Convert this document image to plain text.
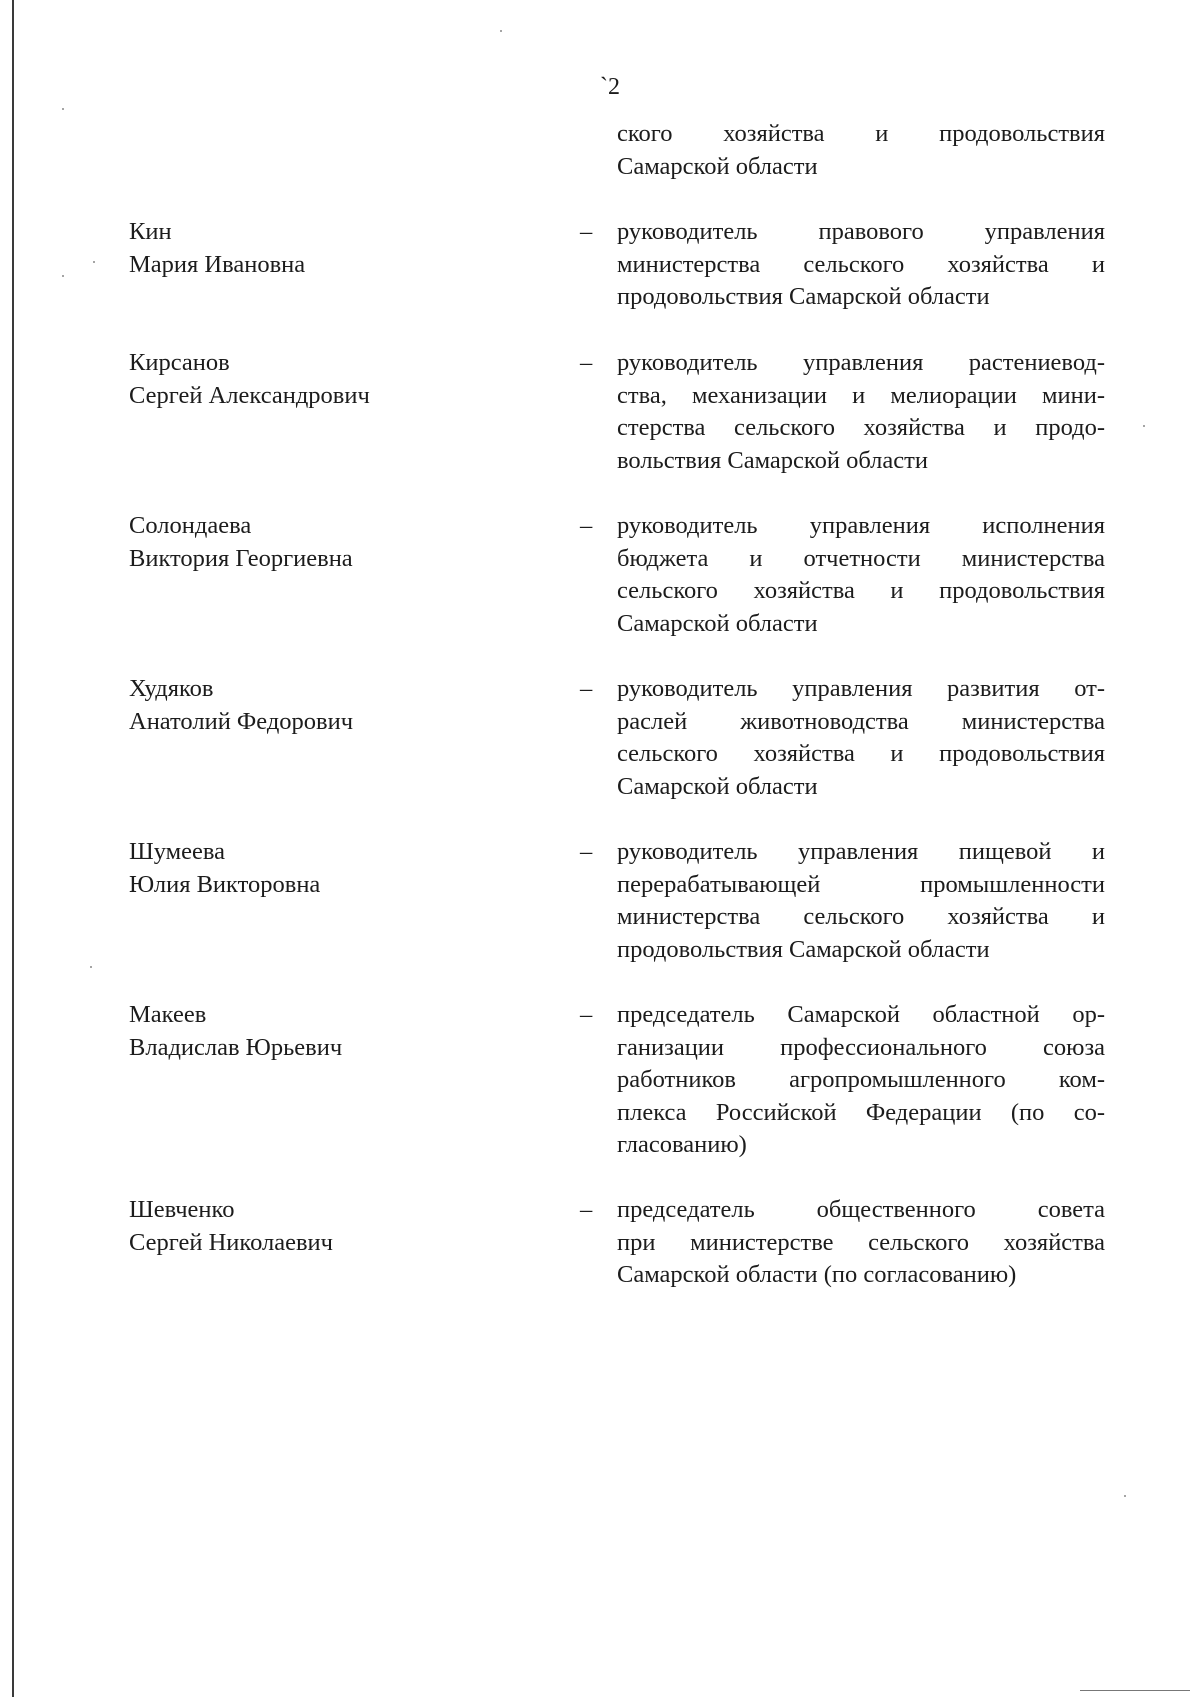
`2
ского хозяйства и продовольствия
Самарской области
Кин
Мария Ивановна
– руководитель правового управления
министерства сельского хозяйства и
продовольствия Самарской области
Кирсанов
Сергей Александрович
– руководитель управления растениевод-
ства, механизации и мелиорации мини-
стерства сельского хозяйства и продо-
вольствия Самарской области
Солондаева
Виктория Георгиевна
– руководитель управления исполнения
бюджета и отчетности министерства
сельского хозяйства и продовольствия
Самарской области
Худяков
Анатолий Федорович
– руководитель управления развития от-
раслей животноводства министерства
сельского хозяйства и продовольствия
Самарской области
Шумеева
Юлия Викторовна
– руководитель управления пищевой и
перерабатывающей промышленности
министерства сельского хозяйства и
продовольствия Самарской области
Макеев
Владислав Юрьевич
– председатель Самарской областной ор-
ганизации профессионального союза
работников агропромышленного ком-
плекса Российской Федерации (по со-
гласованию)
Шевченко
Сергей Николаевич
– председатель общественного совета
при министерстве сельского хозяйства
Самарской области (по согласованию)
